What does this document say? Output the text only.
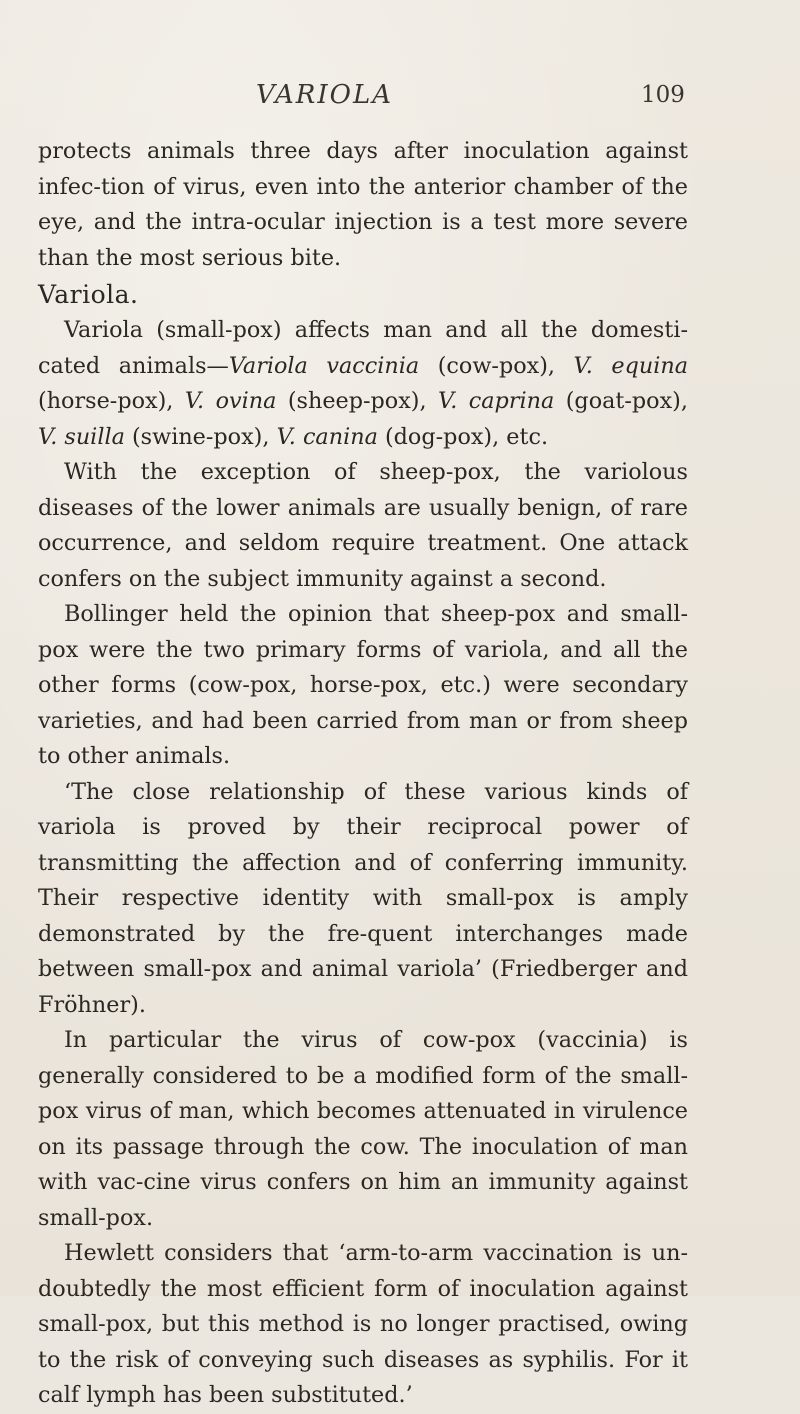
VARIOLA	109

protects animals three days after inoculation against infec-tion of virus, even into the anterior chamber of the eye, and the intra-ocular injection is a test more severe than the most serious bite.

Variola.

Variola (small-pox) affects man and all the domesti-cated animals—Variola vaccinia (cow-pox), V. equina (horse-pox), V. ovina (sheep-pox), V. caprina (goat-pox), V. suilla (swine-pox), V. canina (dog-pox), etc.

With the exception of sheep-pox, the variolous diseases of the lower animals are usually benign, of rare occurrence, and seldom require treatment. One attack confers on the subject immunity against a second.

Bollinger held the opinion that sheep-pox and small-pox were the two primary forms of variola, and all the other forms (cow-pox, horse-pox, etc.) were secondary varieties, and had been carried from man or from sheep to other animals.

‘The close relationship of these various kinds of variola is proved by their reciprocal power of transmitting the affection and of conferring immunity. Their respective identity with small-pox is amply demonstrated by the fre-quent interchanges made between small-pox and animal variola’ (Friedberger and Fröhner).

In particular the virus of cow-pox (vaccinia) is generally considered to be a modified form of the small-pox virus of man, which becomes attenuated in virulence on its passage through the cow. The inoculation of man with vac-cine virus confers on him an immunity against small-pox.

Hewlett considers that ‘arm-to-arm vaccination is un-doubtedly the most efficient form of inoculation against small-pox, but this method is no longer practised, owing to the risk of conveying such diseases as syphilis. For it calf lymph has been substituted.’
